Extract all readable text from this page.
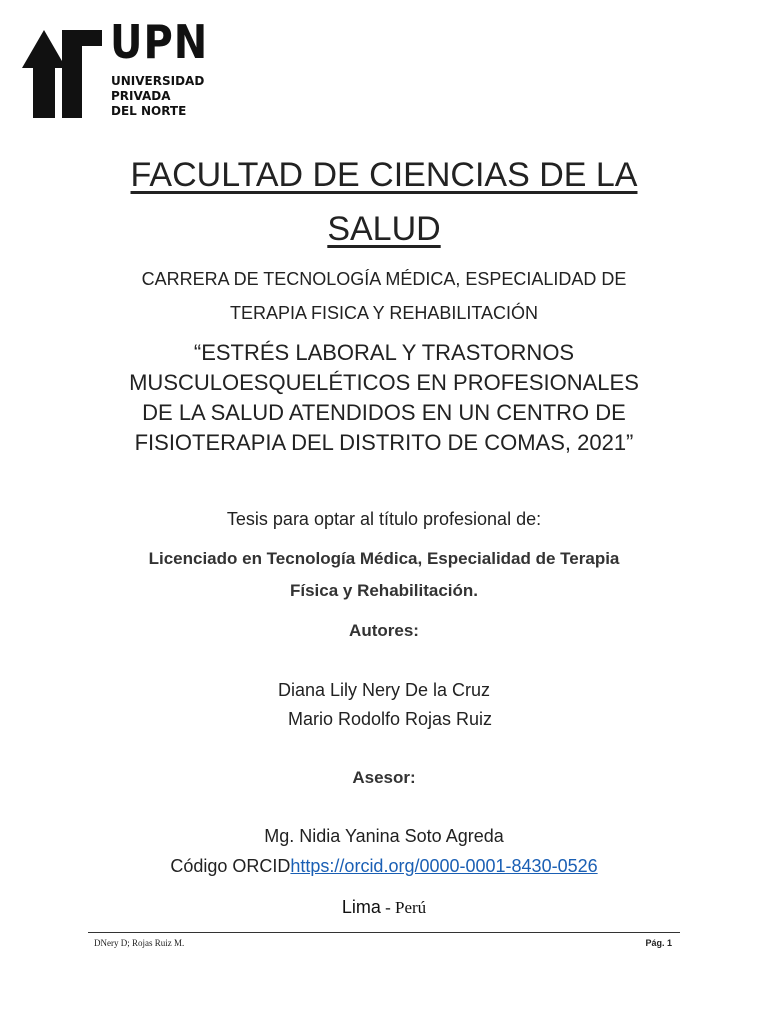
UPN
UNIVERSIDAD
PRIVADA
DEL NORTE
FACULTAD DE CIENCIAS DE LA
SALUD
CARRERA DE TECNOLOGÍA MÉDICA, ESPECIALIDAD DE
TERAPIA FISICA Y REHABILITACIÓN
“ESTRÉS LABORAL Y TRASTORNOS
MUSCULOESQUELÉTICOS EN PROFESIONALES
DE LA SALUD ATENDIDOS EN UN CENTRO DE
FISIOTERAPIA DEL DISTRITO DE COMAS, 2021”
Tesis para optar al título profesional de:
Licenciado en Tecnología Médica, Especialidad de Terapia
Física y Rehabilitación.
Autores:
Diana Lily Nery De la Cruz
Mario Rodolfo Rojas Ruiz
Asesor:
Mg. Nidia Yanina Soto Agreda
Código ORCIDhttps://orcid.org/0000-0001-8430-0526
Lima - Perú
DNery D; Rojas Ruiz M.	Pág. 1
